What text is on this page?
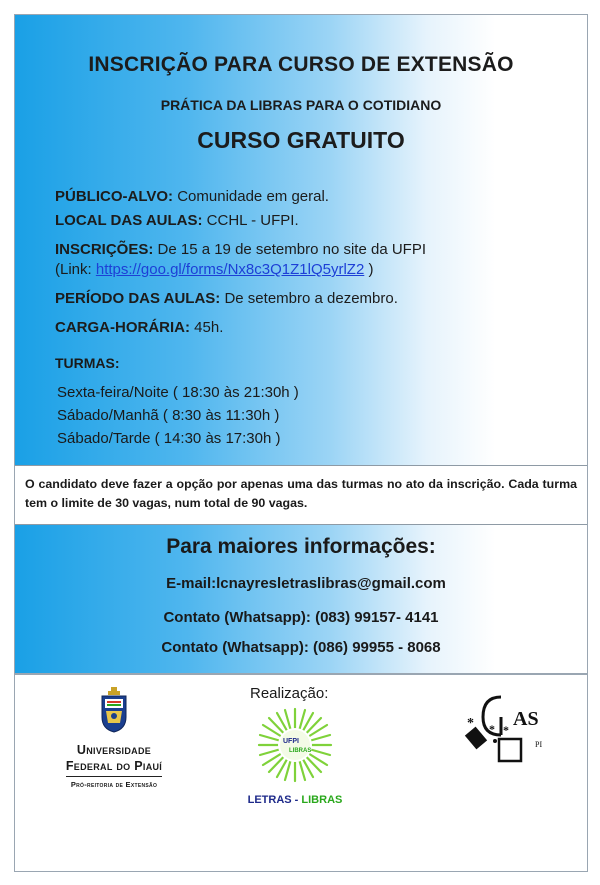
INSCRIÇÃO PARA CURSO DE EXTENSÃO
PRÁTICA DA LIBRAS PARA O COTIDIANO
CURSO GRATUITO
PÚBLICO-ALVO: Comunidade em geral.
LOCAL DAS AULAS: CCHL - UFPI.
INSCRIÇÕES: De 15 a 19 de setembro no site da UFPI
(Link: https://goo.gl/forms/Nx8c3Q1Z1lQ5yrlZ2 )
PERÍODO DAS AULAS: De setembro a dezembro.
CARGA-HORÁRIA: 45h.
TURMAS:
Sexta-feira/Noite ( 18:30 às 21:30h )
Sábado/Manhã ( 8:30 às 11:30h )
Sábado/Tarde ( 14:30 às 17:30h )

O candidato deve fazer a opção por apenas uma das turmas no ato da inscrição. Cada turma tem o limite de 30 vagas, num total de 90 vagas.

Para maiores informações:
E-mail:lcnayresletraslibras@gmail.com
Contato (Whatsapp): (083) 99157- 4141
Contato (Whatsapp): (086) 99955 - 8068
Universidade
Federal do Piauí
Pró-reitoria de Extensão
Realização:
UFPI
LIBRAS
LETRAS - LIBRAS
* * * AS
PI
